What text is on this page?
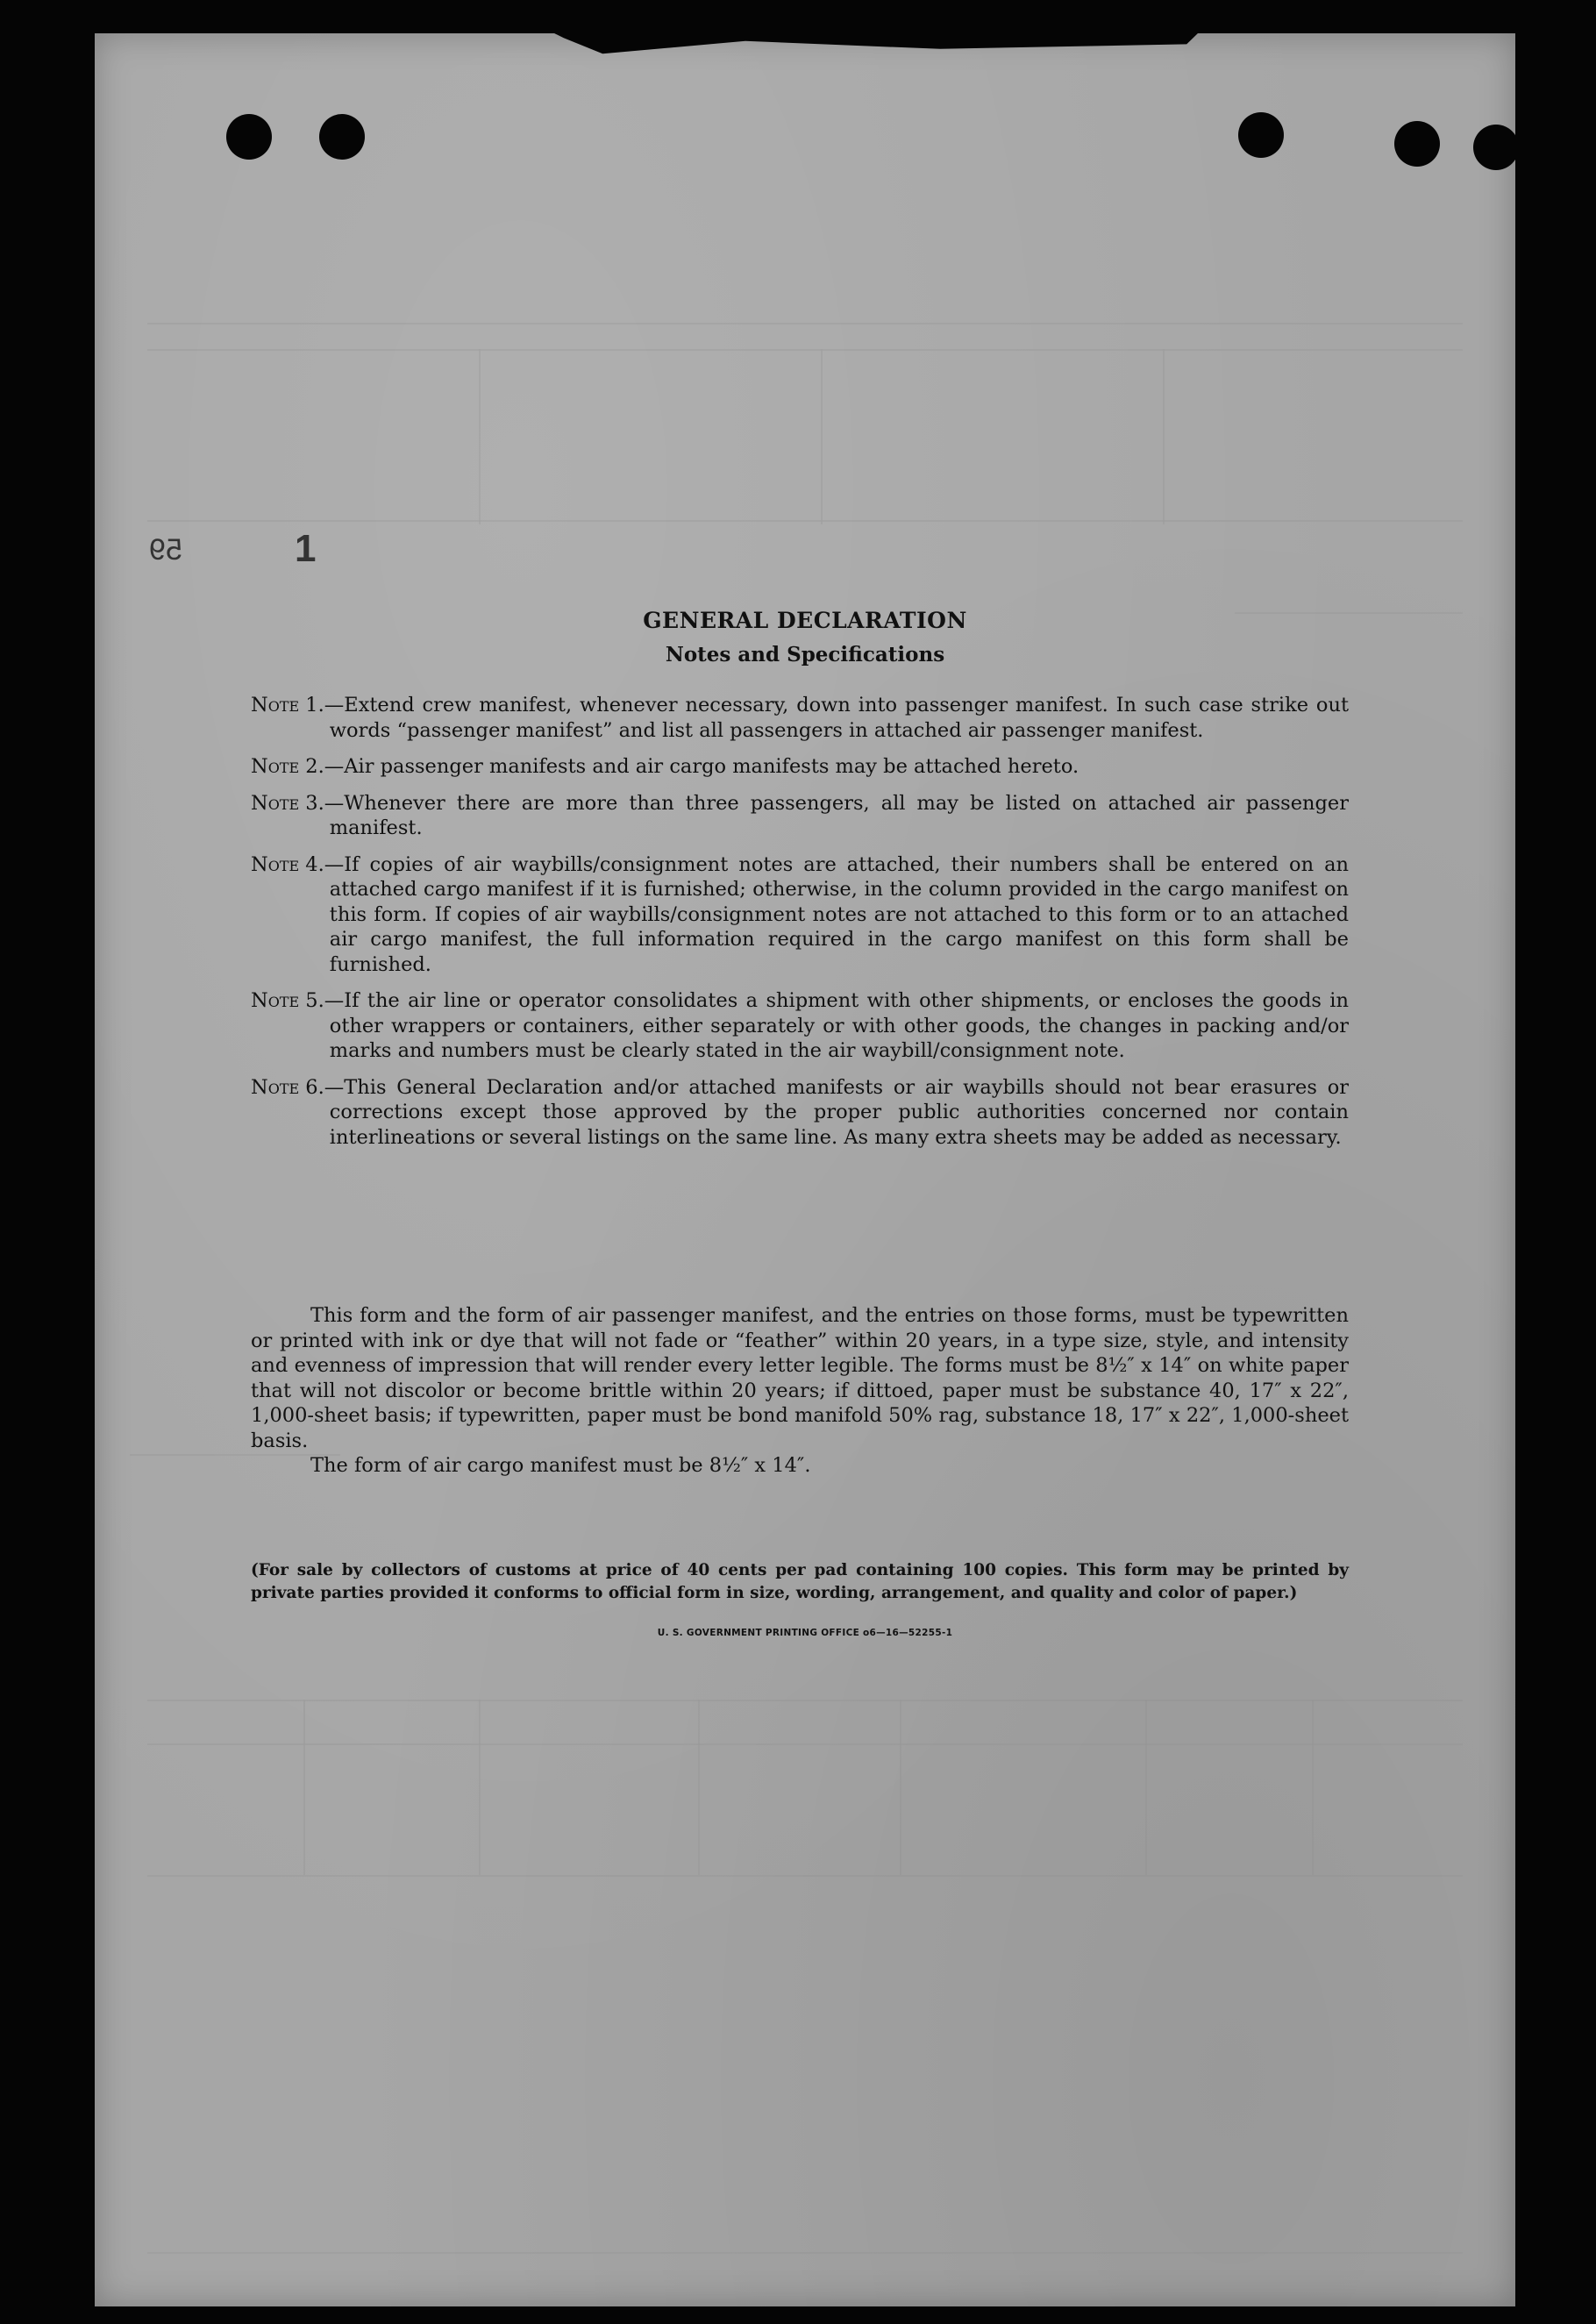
59	1
GENERAL DECLARATION
Notes and Specifications
Note 1. —Extend crew manifest, whenever necessary, down into passenger manifest. In such case strike out words “passenger manifest” and list all passengers in attached air passenger manifest.
Note 2. —Air passenger manifests and air cargo manifests may be attached hereto.
Note 3. —Whenever there are more than three passengers, all may be listed on attached air passenger manifest.
Note 4. —If copies of air waybills/consignment notes are attached, their numbers shall be entered on an attached cargo manifest if it is furnished; otherwise, in the column provided in the cargo manifest on this form. If copies of air waybills/consignment notes are not attached to this form or to an attached air cargo manifest, the full information required in the cargo manifest on this form shall be furnished.
Note 5. —If the air line or operator consolidates a shipment with other shipments, or encloses the goods in other wrappers or containers, either separately or with other goods, the changes in packing and/or marks and numbers must be clearly stated in the air waybill/consignment note.
Note 6. —This General Declaration and/or attached manifests or air waybills should not bear erasures or corrections except those approved by the proper public authorities concerned nor contain interlineations or several listings on the same line. As many extra sheets may be added as necessary.
This form and the form of air passenger manifest, and the entries on those forms, must be typewritten or printed with ink or dye that will not fade or “feather” within 20 years, in a type size, style, and intensity and evenness of impression that will render every letter legible. The forms must be 8½″ x 14″ on white paper that will not discolor or become brittle within 20 years; if dittoed, paper must be substance 40, 17″ x 22″, 1,000-sheet basis; if typewritten, paper must be bond manifold 50% rag, substance 18, 17″ x 22″, 1,000-sheet basis.
The form of air cargo manifest must be 8½″ x 14″.
(For sale by collectors of customs at price of 40 cents per pad containing 100 copies. This form may be printed by private parties provided it conforms to official form in size, wording, arrangement, and quality and color of paper.)
U. S. GOVERNMENT PRINTING OFFICE o6—16—52255-1
